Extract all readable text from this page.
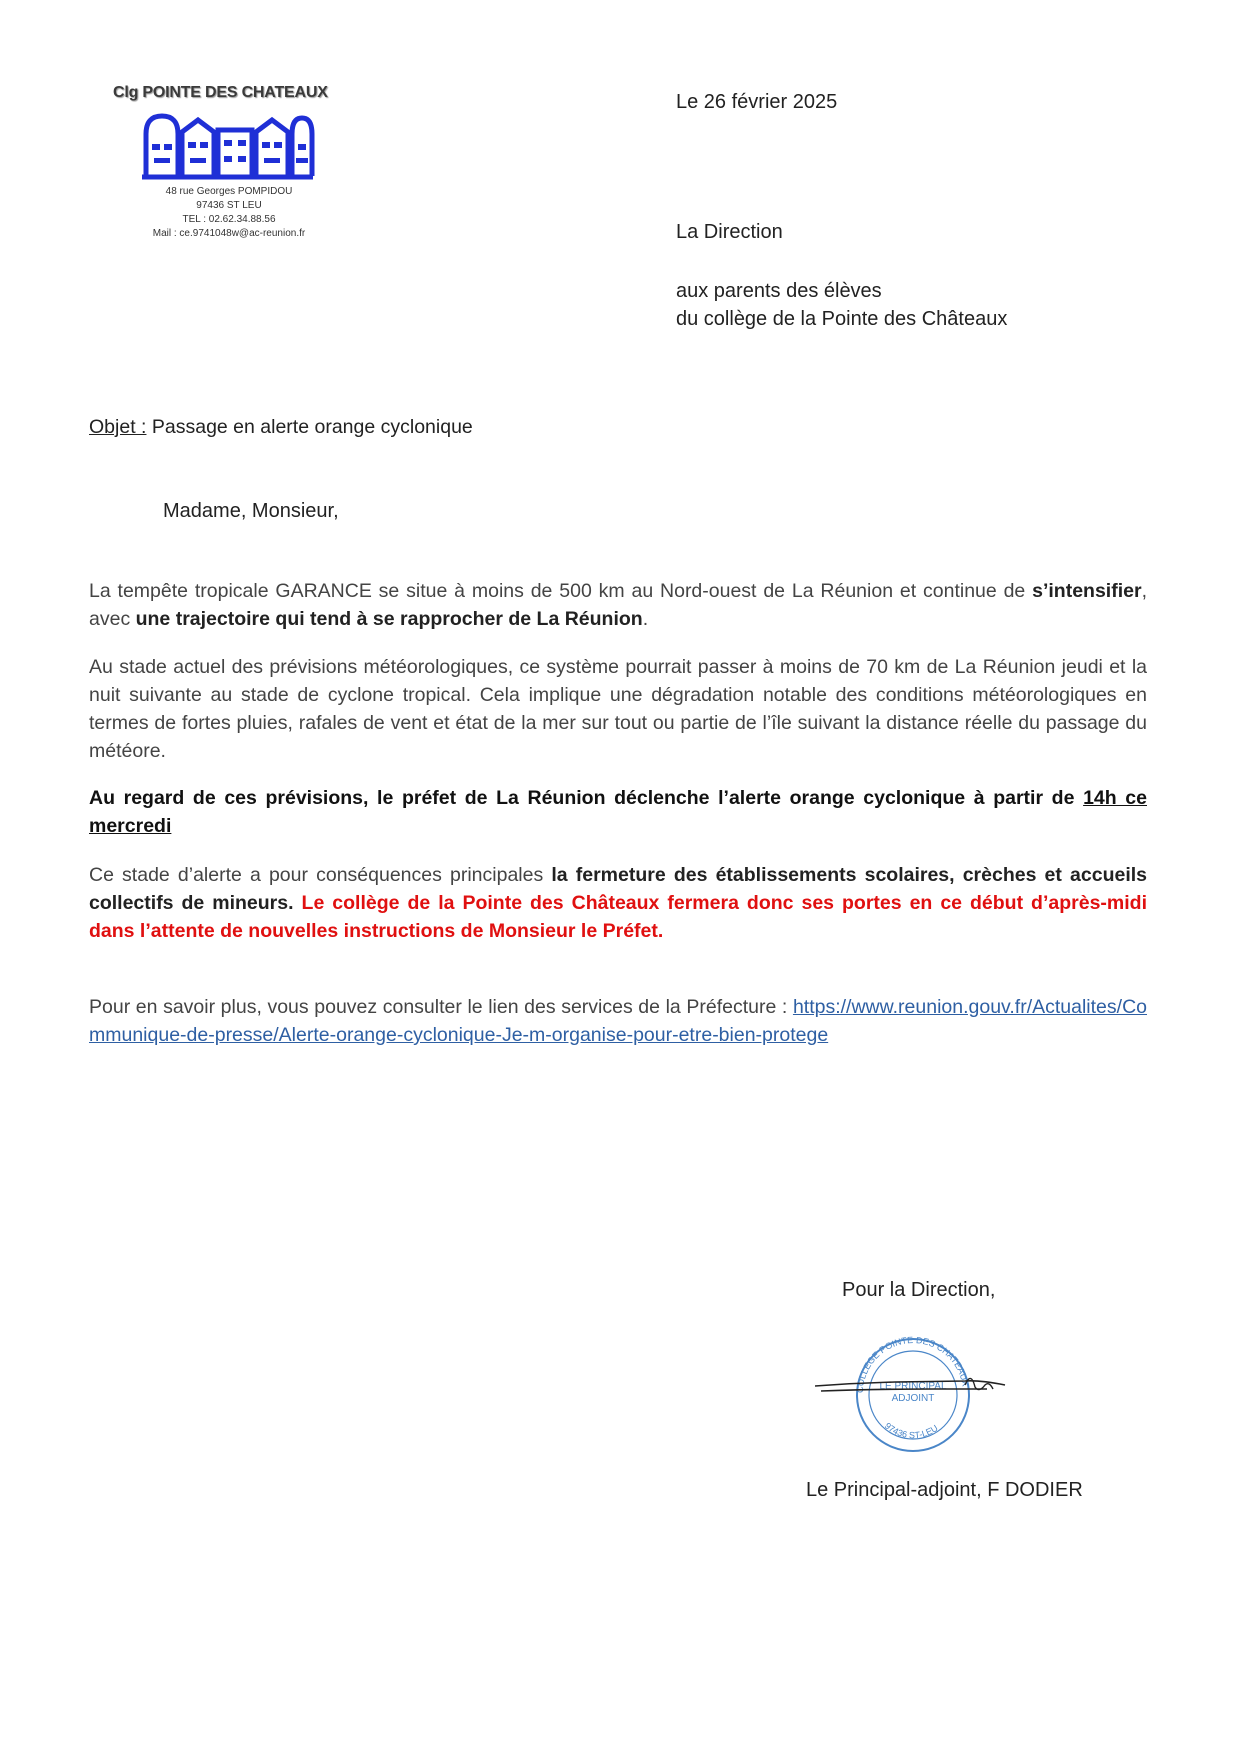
Clg POINTE DES CHATEAUX
48 rue Georges POMPIDOU
97436 ST LEU
TEL : 02.62.34.88.56
Mail : ce.9741048w@ac-reunion.fr
Le 26 février 2025
La Direction
aux parents des élèves
du collège de la Pointe des Châteaux
Objet : Passage en alerte orange cyclonique
Madame, Monsieur,
La tempête tropicale GARANCE se situe à moins de 500 km au Nord-ouest de La Réunion et continue de s’intensifier, avec une trajectoire qui tend à se rapprocher de La Réunion.
Au stade actuel des prévisions météorologiques, ce système pourrait passer à moins de 70 km de La Réunion jeudi et la nuit suivante au stade de cyclone tropical. Cela implique une dégradation notable des conditions météorologiques en termes de fortes pluies, rafales de vent et état de la mer sur tout ou partie de l’île suivant la distance réelle du passage du météore.
Au regard de ces prévisions, le préfet de La Réunion déclenche l’alerte orange cyclonique à partir de 14h ce mercredi
Ce stade d’alerte a pour conséquences principales la fermeture des établissements scolaires, crèches et accueils collectifs de mineurs. Le collège de la Pointe des Châteaux fermera donc ses portes en ce début d’après-midi dans l’attente de nouvelles instructions de Monsieur le Préfet.
Pour en savoir plus, vous pouvez consulter le lien des services de la Préfecture : https://www.reunion.gouv.fr/Actualites/Communique-de-presse/Alerte-orange-cyclonique-Je-m-organise-pour-etre-bien-protege
Pour la Direction,
COLLEGE POINTE DES CHATEAUX
97436 ST-LEU
LE PRINCIPAL
ADJOINT
Le Principal-adjoint, F DODIER
